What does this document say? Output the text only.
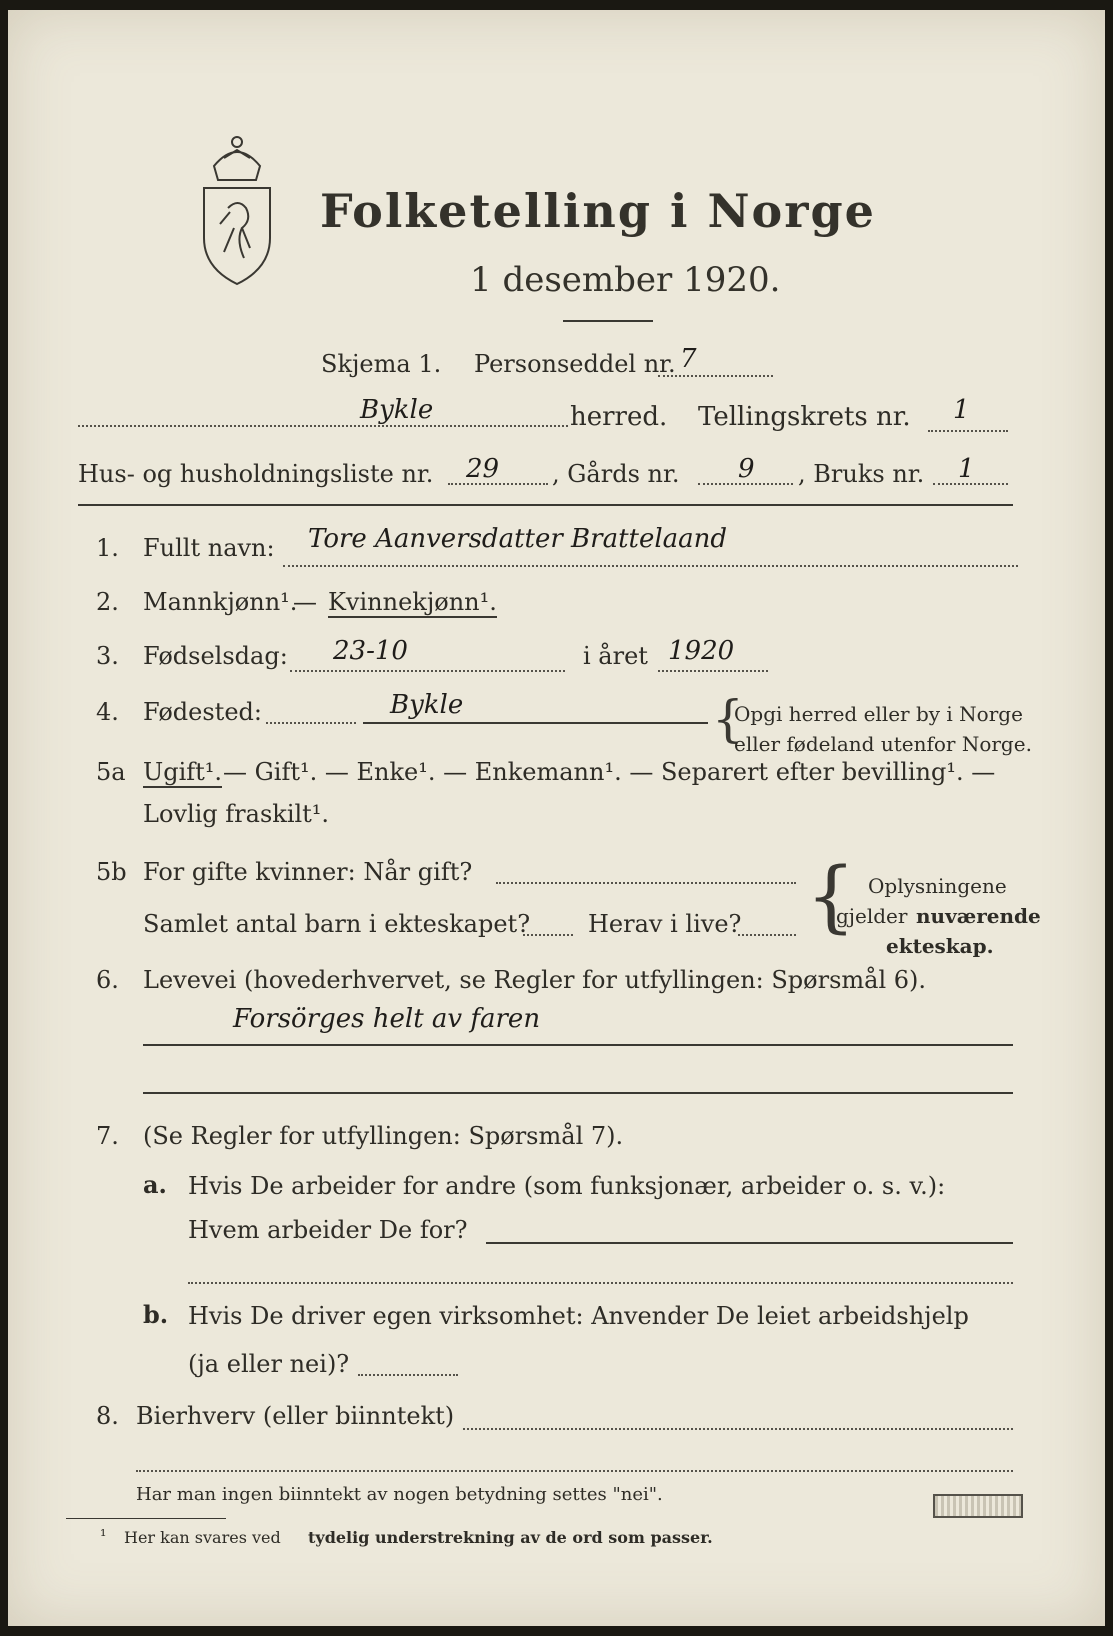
Folketelling i Norge
1 desember 1920.
Skjema 1. Personseddel nr. 7
Bykle	herred. Tellingskrets nr. 1
Hus- og husholdningsliste nr. 29 , Gårds nr. 9 , Bruks nr. 1
1. Fullt navn: Tore Aanversdatter Brattelaand
2. Mannkjønn¹.
— Kvinnekjønn¹.
3. Fødselsdag: 23-10	i året 1920
4. Fødested:	Bykle	{
Opgi herred eller by i Norge
eller fødeland utenfor Norge.
5a Ugift¹. — Gift¹. — Enke¹. — Enkemann¹. — Separert efter bevilling¹. —
Lovlig fraskilt¹.
5b For gifte kvinner: Når gift?
Samlet antal barn i ekteskapet? Herav i live? { Oplysningene
gjelder nuværende
ekteskap.
6. Levevei (hovederhvervet, se Regler for utfyllingen: Spørsmål 6).
Forsörges helt av faren
7. (Se Regler for utfyllingen: Spørsmål 7).
a. Hvis De arbeider for andre (som funksjonær, arbeider o. s. v.):
Hvem arbeider De for?
b. Hvis De driver egen virksomhet: Anvender De leiet arbeidshjelp
(ja eller nei)?
8. Bierhverv (eller biinntekt)
Har man ingen biinntekt av nogen betydning settes "nei".
¹ Her kan svares ved tydelig understrekning av de ord som passer.
